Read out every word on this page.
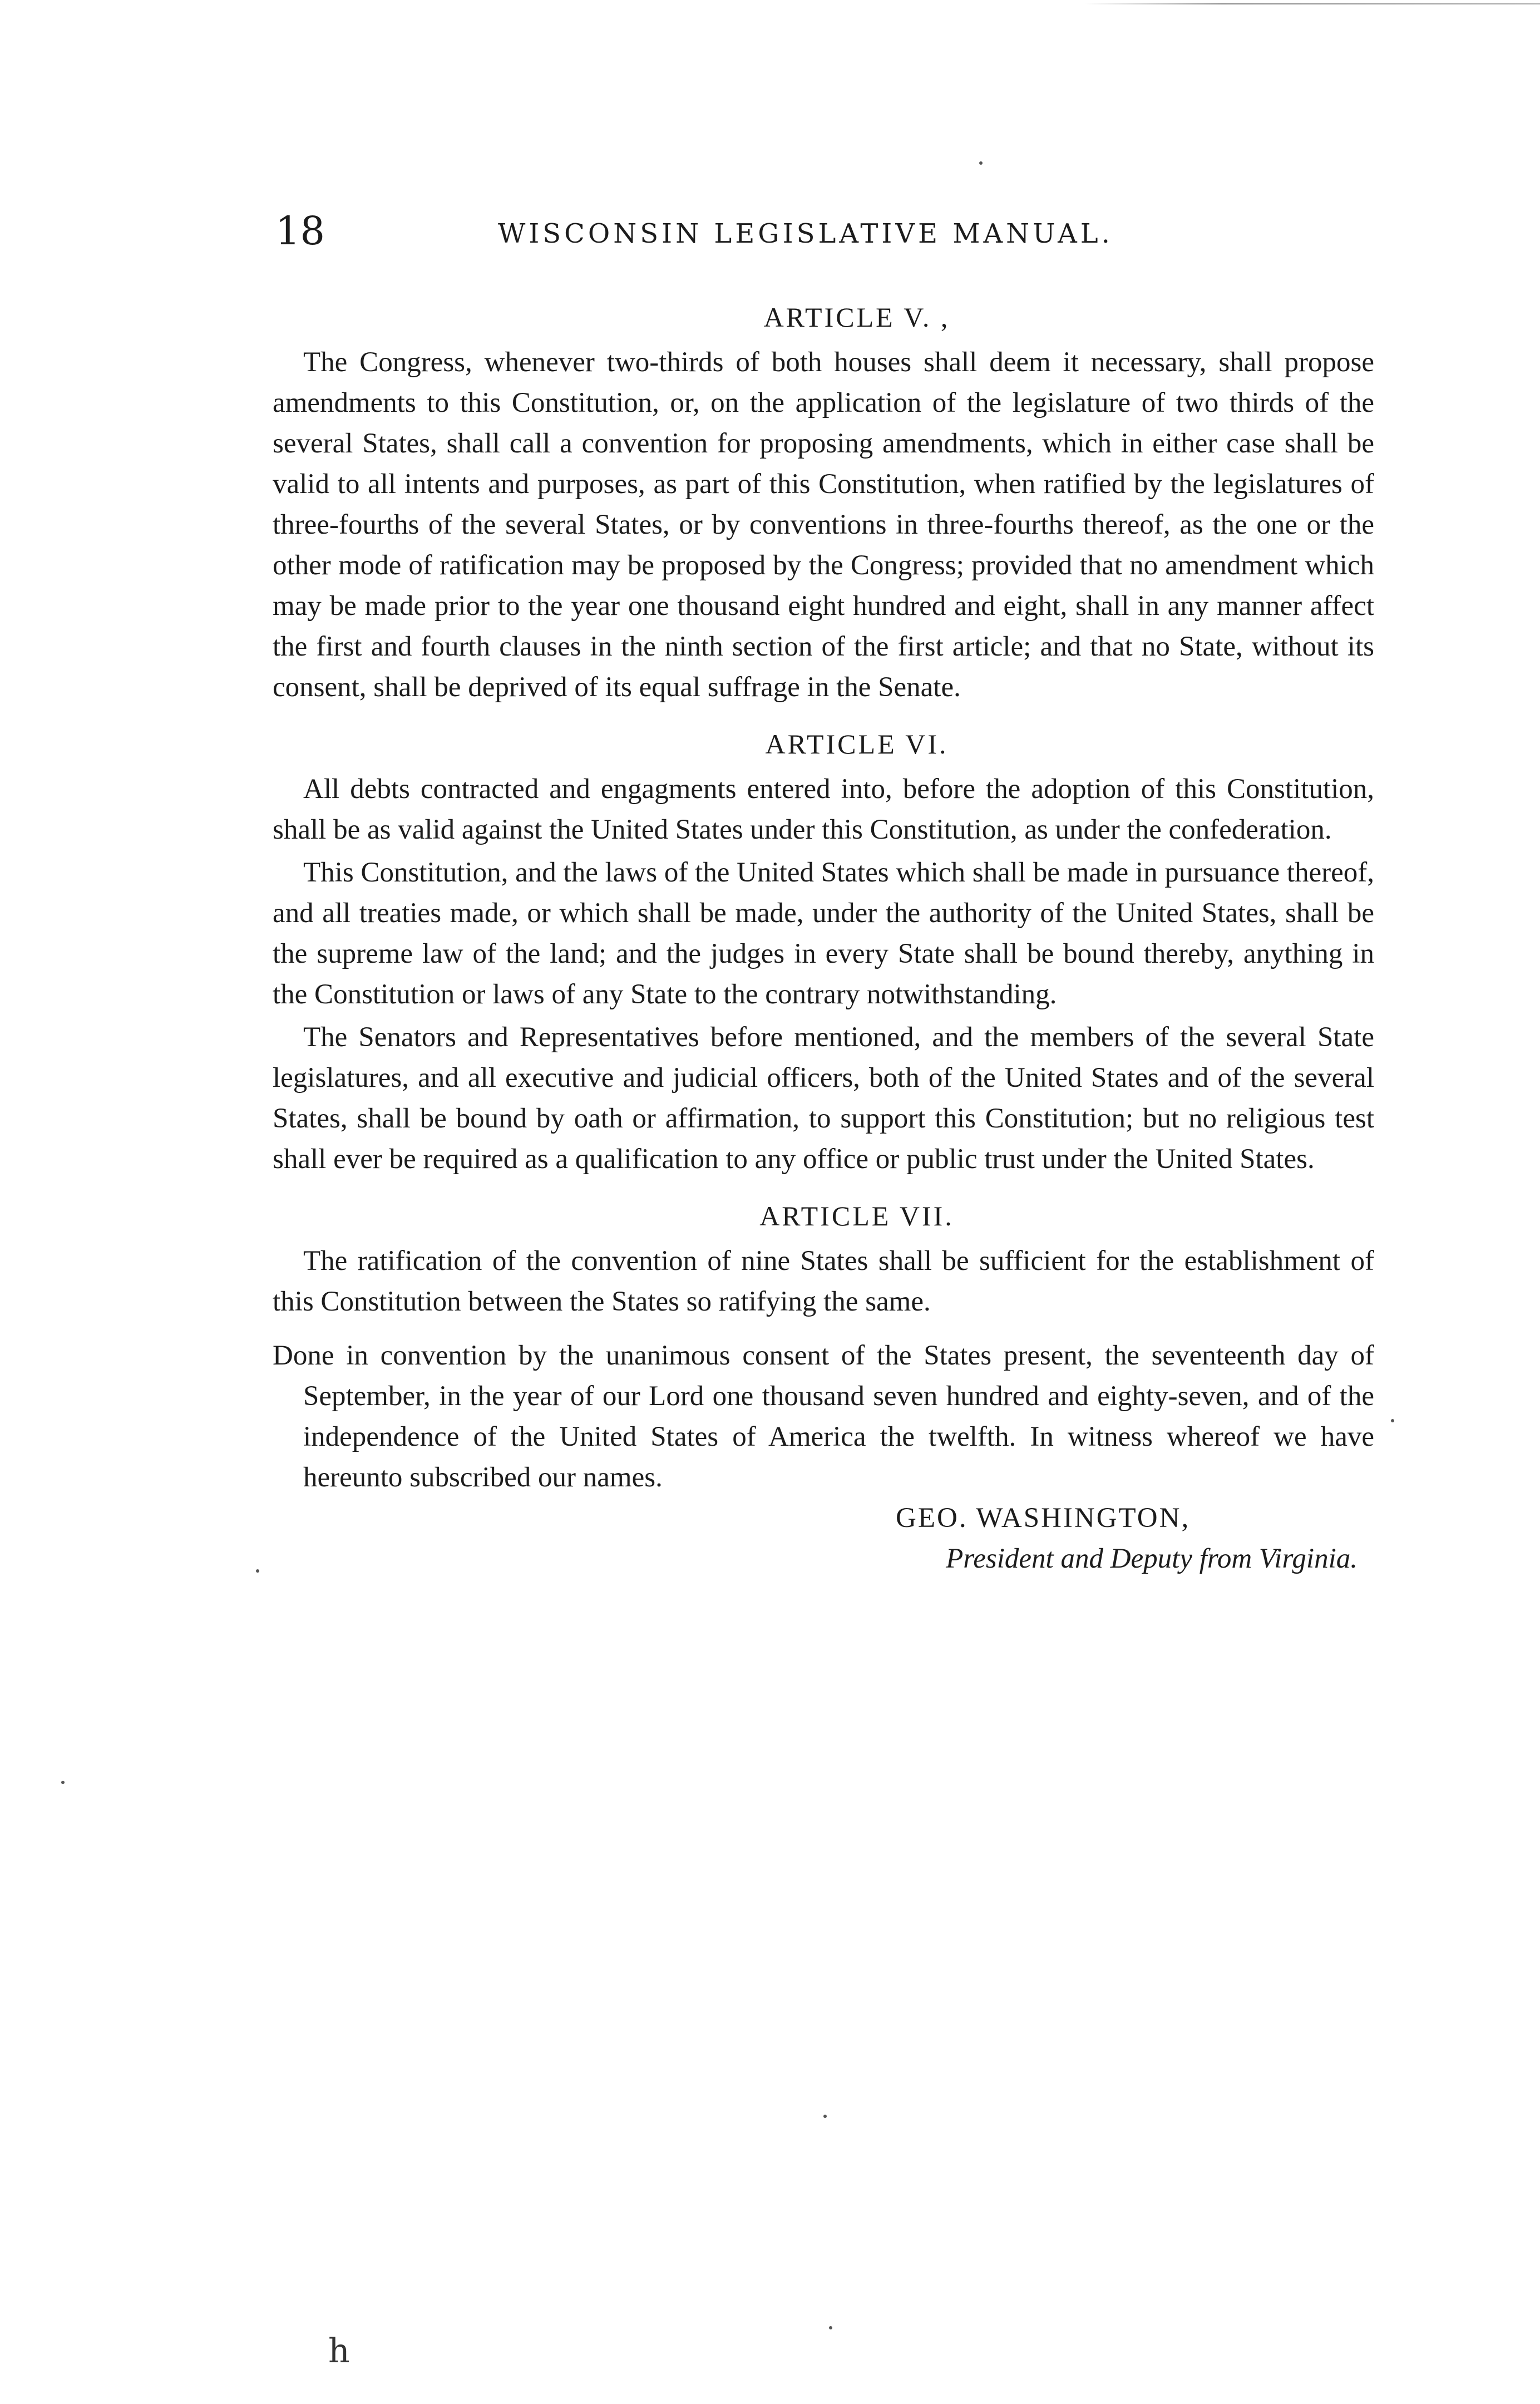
18	WISCONSIN LEGISLATIVE MANUAL.

ARTICLE V. ,

The Congress, whenever two-thirds of both houses shall deem it necessary, shall propose amendments to this Constitution, or, on the application of the legislature of two thirds of the several States, shall call a convention for proposing amendments, which in either case shall be valid to all intents and purposes, as part of this Constitution, when ratified by the legislatures of three-fourths of the several States, or by conventions in three-fourths thereof, as the one or the other mode of ratification may be proposed by the Congress; provided that no amendment which may be made prior to the year one thousand eight hundred and eight, shall in any manner affect the first and fourth clauses in the ninth section of the first article; and that no State, without its consent, shall be deprived of its equal suffrage in the Senate.

ARTICLE VI.

All debts contracted and engagments entered into, before the adoption of this Constitution, shall be as valid against the United States under this Constitution, as under the confederation.

This Constitution, and the laws of the United States which shall be made in pursuance thereof, and all treaties made, or which shall be made, under the authority of the United States, shall be the supreme law of the land; and the judges in every State shall be bound thereby, anything in the Constitution or laws of any State to the contrary notwithstanding.

The Senators and Representatives before mentioned, and the members of the several State legislatures, and all executive and judicial officers, both of the United States and of the several States, shall be bound by oath or affirmation, to support this Constitution; but no religious test shall ever be required as a qualification to any office or public trust under the United States.

ARTICLE VII.

The ratification of the convention of nine States shall be sufficient for the establishment of this Constitution between the States so ratifying the same.

Done in convention by the unanimous consent of the States present, the seventeenth day of September, in the year of our Lord one thousand seven hundred and eighty-seven, and of the independence of the United States of America the twelfth. In witness whereof we have hereunto subscribed our names.

GEO. WASHINGTON,
President and Deputy from Virginia.
h
